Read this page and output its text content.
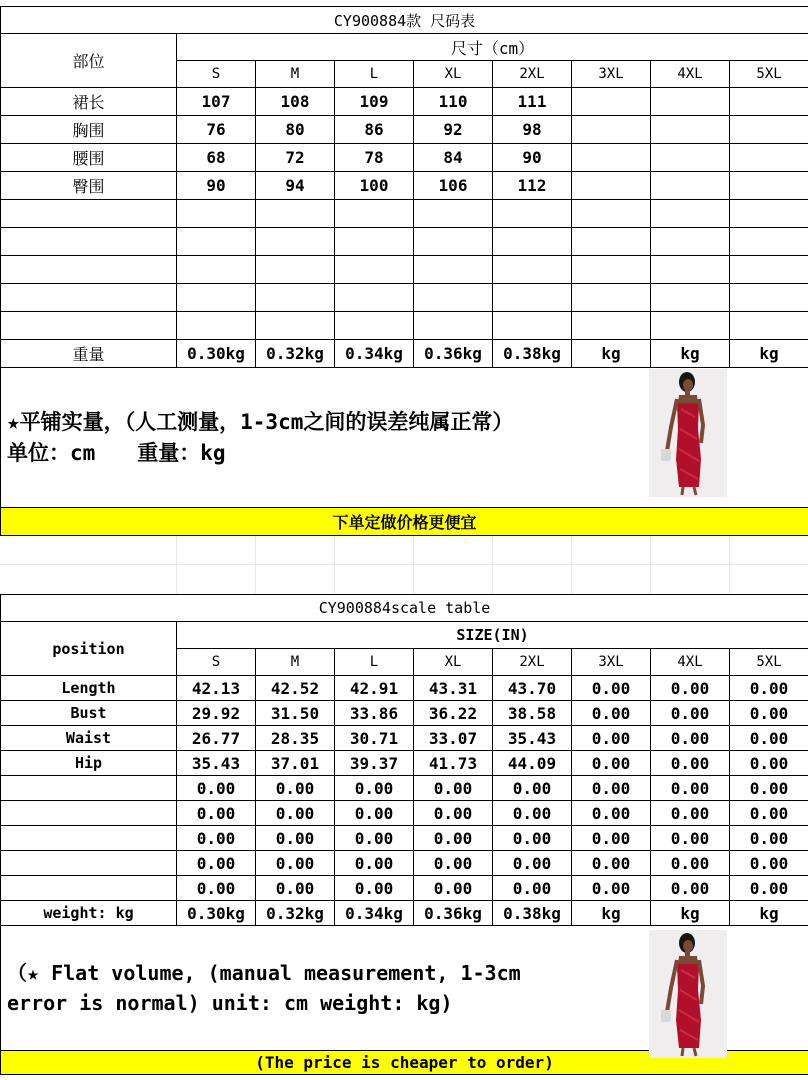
CY900884款 尺码表								
部位	尺寸（cm）							
	S	M	L	XL	2XL	3XL	4XL	5XL
裙长	107	108	109	110	111			
胸围	76	80	86	92	98			
腰围	68	72	78	84	90			
臀围	90	94	100	106	112			

重量	0.30kg	0.32kg	0.34kg	0.36kg	0.38kg	kg	kg	kg

★平铺实量，（人工测量，1-3cm之间的误差纯属正常）
单位：cm　　重量：kg								

下单定做价格更便宜								
CY900884scale table								
position	SIZE(IN)							
	S	M	L	XL	2XL	3XL	4XL	5XL
Length	42.13	42.52	42.91	43.31	43.70	0.00	0.00	0.00
Bust	29.92	31.50	33.86	36.22	38.58	0.00	0.00	0.00
Waist	26.77	28.35	30.71	33.07	35.43	0.00	0.00	0.00
Hip	35.43	37.01	39.37	41.73	44.09	0.00	0.00	0.00
	0.00	0.00	0.00	0.00	0.00	0.00	0.00	0.00
	0.00	0.00	0.00	0.00	0.00	0.00	0.00	0.00
	0.00	0.00	0.00	0.00	0.00	0.00	0.00	0.00
	0.00	0.00	0.00	0.00	0.00	0.00	0.00	0.00
	0.00	0.00	0.00	0.00	0.00	0.00	0.00	0.00
weight: kg	0.30kg	0.32kg	0.34kg	0.36kg	0.38kg	kg	kg	kg

（★ Flat volume, (manual measurement, 1-3cm
error is normal) unit: cm weight: kg)								

(The price is cheaper to order)								
